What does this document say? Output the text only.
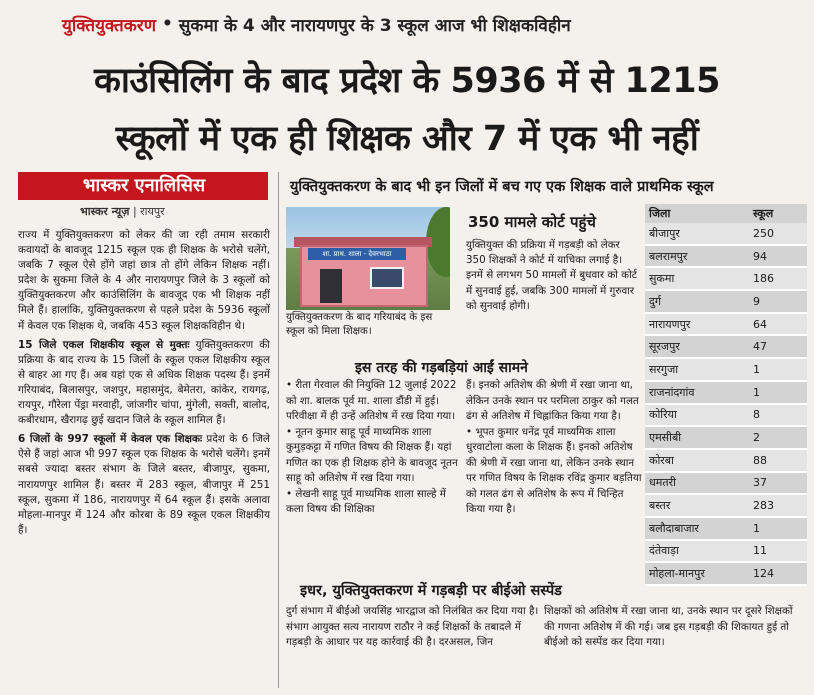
युक्तियुक्तकरण • सुकमा के 4 और नारायणपुर के 3 स्कूल आज भी शिक्षकविहीन
काउंसिलिंग के बाद प्रदेश के 5936 में से 1215
स्कूलों में एक ही शिक्षक और 7 में एक भी नहीं
भास्कर एनालिसिस
भास्कर न्यूज़ | रायपुर

राज्य में युक्तियुक्तकरण को लेकर की जा रही तमाम सरकारी कवायदों के बावजूद 1215 स्कूल एक ही शिक्षक के भरोसे चलेंगे, जबकि 7 स्कूल ऐसे होंगे जहां छात्र तो होंगे लेकिन शिक्षक नहीं। प्रदेश के सुकमा जिले के 4 और नारायणपुर जिले के 3 स्कूलों को युक्तियुक्तकरण और काउंसिलिंग के बावजूद एक भी शिक्षक नहीं मिले हैं। हालांकि, युक्तियुक्तकरण से पहले प्रदेश के 5936 स्कूलों में केवल एक शिक्षक थे, जबकि 453 स्कूल शिक्षकविहीन थे।

15 जिले एकल शिक्षकीय स्कूल से मुक्तः युक्तियुक्तकरण की प्रक्रिया के बाद राज्य के 15 जिलों के स्कूल एकल शिक्षकीय स्कूल से बाहर आ गए हैं। अब यहां एक से अधिक शिक्षक पदस्थ हैं। इनमें गरियाबंद, बिलासपुर, जशपुर, महासमुंद, बेमेतरा, कांकेर, रायगढ़, रायपुर, गौरेला पेंड्रा मरवाही, जांजगीर चांपा, मुंगेली, सक्ती, बालोद, कबीरधाम, खैरागढ़ छुई खदान जिले के स्कूल शामिल हैं।

6 जिलों के 997 स्कूलों में केवल एक शिक्षकः प्रदेश के 6 जिले ऐसे हैं जहां आज भी 997 स्कूल एक शिक्षक के भरोसे चलेंगे। इनमें सबसे ज्यादा बस्तर संभाग के जिले बस्तर, बीजापुर, सुकमा, नारायणपुर शामिल हैं। बस्तर में 283 स्कूल, बीजापुर में 251 स्कूल, सुकमा में 186, नारायणपुर में 64 स्कूल हैं। इसके अलावा मोहला-मानपुर में 124 और कोरबा के 89 स्कूल एकल शिक्षकीय हैं।

युक्तियुक्तकरण के बाद भी इन जिलों में बच गए एक शिक्षक वाले प्राथमिक स्कूल
शा. प्राथ. शाला - देवरभाठा
युक्तियुक्तकरण के बाद गरियाबंद के इस स्कूल को मिला शिक्षक।
350 मामले कोर्ट पहुंचे
युक्तियुक्त की प्रक्रिया में गड़बड़ी को लेकर 350 शिक्षकों ने कोर्ट में याचिका लगाई है। इनमें से लगभग 50 मामलों में बुधवार को कोर्ट में सुनवाई हुई, जबकि 300 मामलों में गुरुवार को सुनवाई होगी।
इस तरह की गड़बड़ियां आईं सामने

• रीता गेरवाल की नियुक्ति 12 जुलाई 2022 को शा. बालक पूर्व मा. शाला डौंडी में हुई। परिवीक्षा में ही उन्हें अतिशेष में रख दिया गया।

• नूतन कुमार साहू पूर्व माध्यमिक शाला कुमुड़कट्टा में गणित विषय की शिक्षक हैं। यहां गणित का एक ही शिक्षक होने के बावजूद नूतन साहू को अतिशेष में रख दिया गया।

• लेखनी साहू पूर्व माध्यमिक शाला साल्हे में कला विषय की शिक्षिका

हैं। इनको अतिशेष की श्रेणी में रखा जाना था, लेकिन उनके स्थान पर परमिला ठाकुर को गलत ढंग से अतिशेष में चिह्नांकित किया गया है।

• भूपत कुमार धनेंद्र पूर्व माध्यमिक शाला धुरवाटोला कला के शिक्षक हैं। इनको अतिशेष की श्रेणी में रखा जाना था, लेकिन उनके स्थान पर गणित विषय के शिक्षक रविंद्र कुमार बड़तिया को गलत ढंग से अतिशेष के रूप में चिन्हित किया गया है।

इधर, युक्तियुक्तकरण में गड़बड़ी पर बीईओ सस्पेंड
दुर्ग संभाग में बीईओ जयसिंह भारद्वाज को निलंबित कर दिया गया है। संभाग आयुक्त सत्य नारायण राठौर ने कई शिक्षकों के तबादले में गड़बड़ी के आधार पर यह कार्रवाई की है। दरअसल, जिन
शिक्षकों को अतिशेष में रखा जाना था, उनके स्थान पर दूसरे शिक्षकों की गणना अतिशेष में की गई। जब इस गड़बड़ी की शिकायत हुई तो बीईओ को सस्पेंड कर दिया गया।
जिला	स्कूल
बीजापुर	250
बलरामपुर	94
सुकमा	186
दुर्ग	9
नारायणपुर	64
सूरजपुर	47
सरगुजा	1
राजनांदगांव	1
कोरिया	8
एमसीबी	2
कोरबा	88
धमतरी	37
बस्तर	283
बलौदाबाजार	1
दंतेवाड़ा	11
मोहला-मानपुर	124
